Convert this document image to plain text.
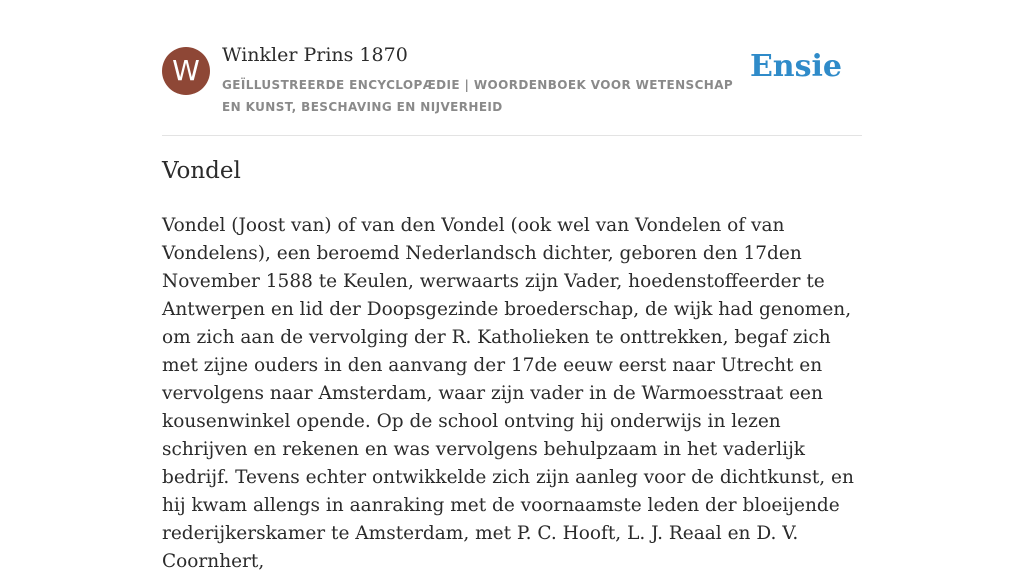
W	Winkler Prins 1870
GEÏLLUSTREERDE ENCYCLOPÆDIE | WOORDENBOEK VOOR WETENSCHAP EN KUNST, BESCHAVING EN NIJVERHEID
Ensie
Vondel

Vondel (Joost van) of van den Vondel (ook wel van Vondelen of van Vondelens), een beroemd Nederlandsch dichter, geboren den 17den November 1588 te Keulen, werwaarts zijn Vader, hoedenstoffeerder te Antwerpen en lid der Doopsgezinde broederschap, de wijk had genomen, om zich aan de vervolging der R. Katholieken te onttrekken, begaf zich met zijne ouders in den aanvang der 17de eeuw eerst naar Utrecht en vervolgens naar Amsterdam, waar zijn vader in de Warmoesstraat een kousenwinkel opende. Op de school ontving hij onderwijs in lezen schrijven en rekenen en was vervolgens behulpzaam in het vaderlijk bedrijf. Tevens echter ontwikkelde zich zijn aanleg voor de dichtkunst, en hij kwam allengs in aanraking met de voornaamste leden der bloeijende rederijkerskamer te Amsterdam, met P. C. Hooft, L. J. Reaal en D. V. Coornhert,
